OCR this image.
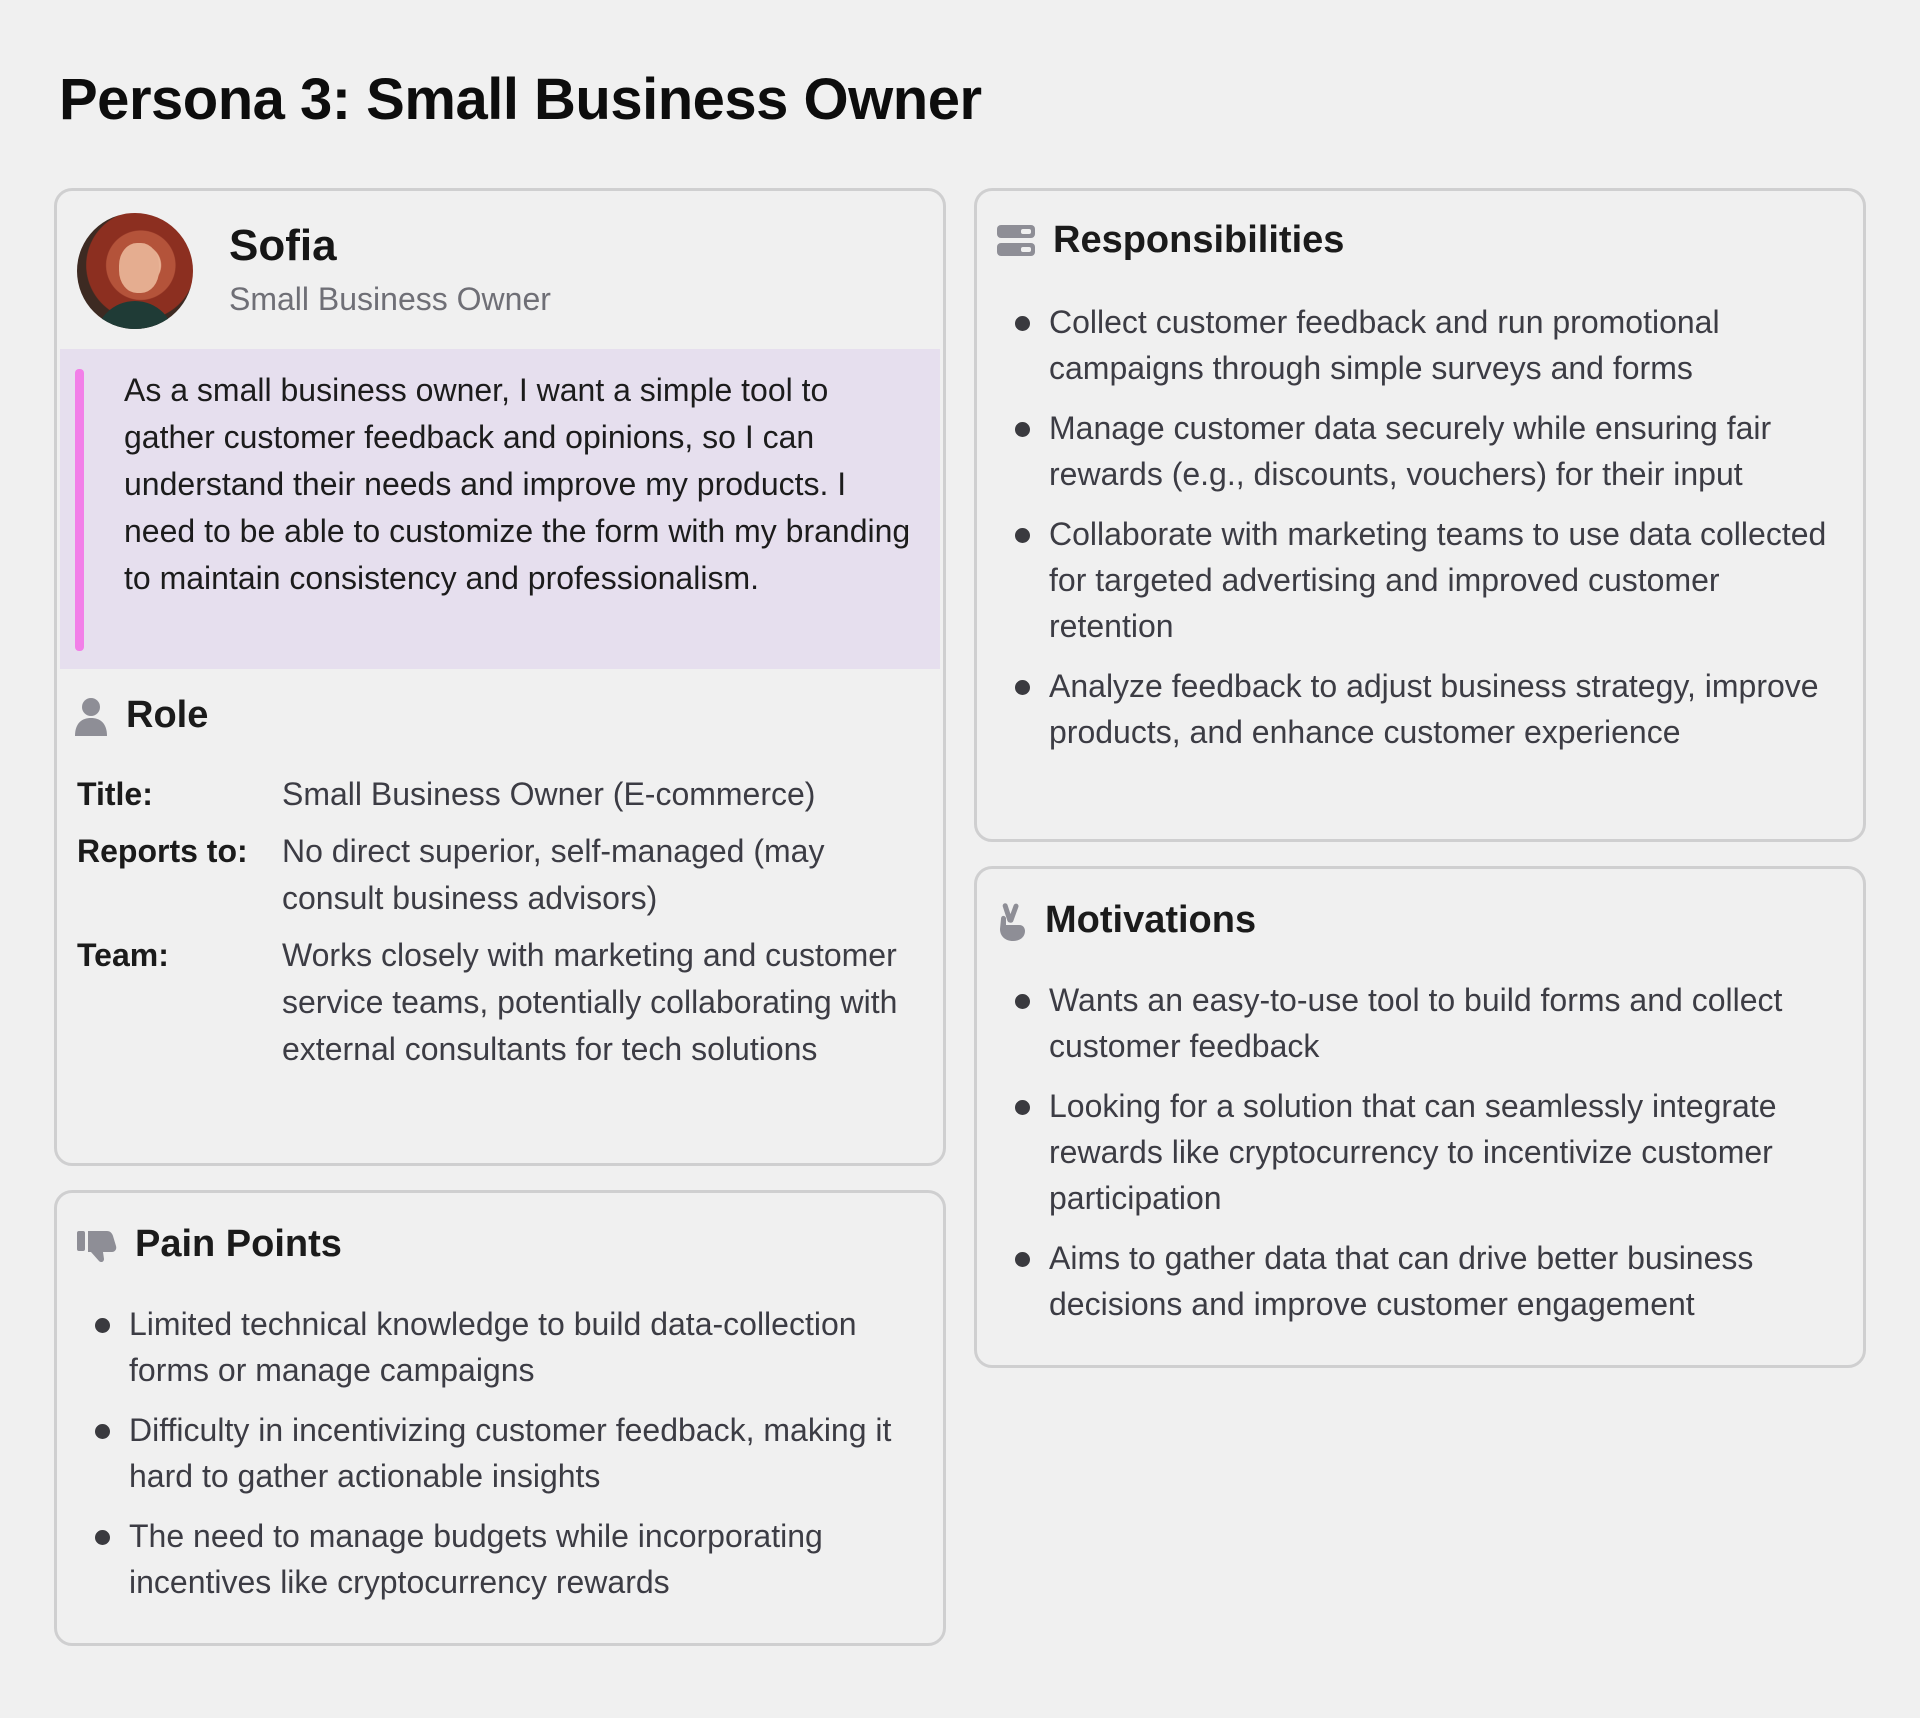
Persona 3: Small Business Owner
Sofia
Small Business Owner
As a small business owner, I want a simple tool to gather customer feedback and opinions, so I can understand their needs and improve my products. I need to be able to customize the form with my branding to maintain consistency and professionalism.
Role
Title:	Small Business Owner (E-commerce)
Reports to:	No direct superior, self-managed (may consult business advisors)
Team:	Works closely with marketing and customer service teams, potentially collaborating with external consultants for tech solutions
Pain Points
Limited technical knowledge to build data-collection forms or manage campaigns
Difficulty in incentivizing customer feedback, making it hard to gather actionable insights
The need to manage budgets while incorporating incentives like cryptocurrency rewards
Responsibilities
Collect customer feedback and run promotional campaigns through simple surveys and forms
Manage customer data securely while ensuring fair rewards (e.g., discounts, vouchers) for their input
Collaborate with marketing teams to use data collected for targeted advertising and improved customer retention
Analyze feedback to adjust business strategy, improve products, and enhance customer experience
Motivations
Wants an easy-to-use tool to build forms and collect customer feedback
Looking for a solution that can seamlessly integrate rewards like cryptocurrency to incentivize customer participation
Aims to gather data that can drive better business decisions and improve customer engagement
